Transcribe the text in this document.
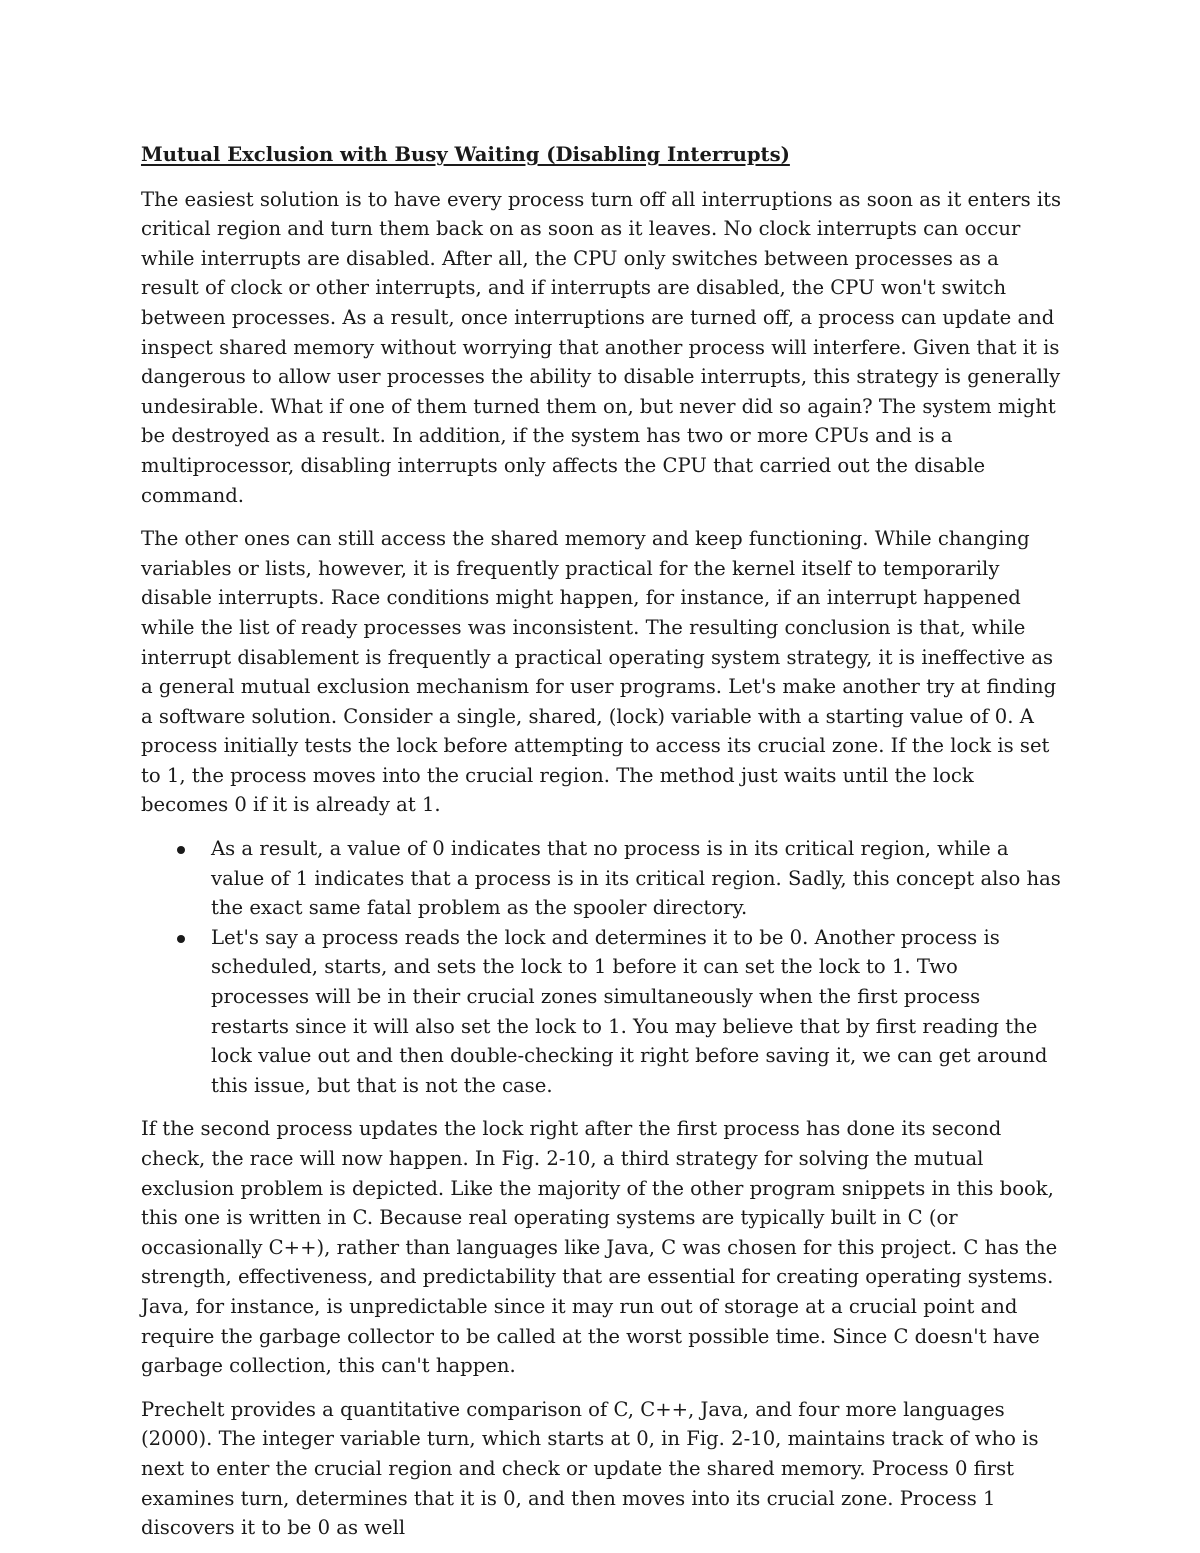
Mutual Exclusion with Busy Waiting (Disabling Interrupts)

The easiest solution is to have every process turn off all interruptions as soon as it enters its critical region and turn them back on as soon as it leaves. No clock interrupts can occur while interrupts are disabled. After all, the CPU only switches between processes as a result of clock or other interrupts, and if interrupts are disabled, the CPU won't switch between processes. As a result, once interruptions are turned off, a process can update and inspect shared memory without worrying that another process will interfere. Given that it is dangerous to allow user processes the ability to disable interrupts, this strategy is generally undesirable. What if one of them turned them on, but never did so again? The system might be destroyed as a result. In addition, if the system has two or more CPUs and is a multiprocessor, disabling interrupts only affects the CPU that carried out the disable command.

The other ones can still access the shared memory and keep functioning. While changing variables or lists, however, it is frequently practical for the kernel itself to temporarily disable interrupts. Race conditions might happen, for instance, if an interrupt happened while the list of ready processes was inconsistent. The resulting conclusion is that, while interrupt disablement is frequently a practical operating system strategy, it is ineffective as a general mutual exclusion mechanism for user programs. Let's make another try at finding a software solution. Consider a single, shared, (lock) variable with a starting value of 0. A process initially tests the lock before attempting to access its crucial zone. If the lock is set to 1, the process moves into the crucial region. The method just waits until the lock becomes 0 if it is already at 1.

As a result, a value of 0 indicates that no process is in its critical region, while a value of 1 indicates that a process is in its critical region. Sadly, this concept also has the exact same fatal problem as the spooler directory.
Let's say a process reads the lock and determines it to be 0. Another process is scheduled, starts, and sets the lock to 1 before it can set the lock to 1. Two processes will be in their crucial zones simultaneously when the first process restarts since it will also set the lock to 1. You may believe that by first reading the lock value out and then double-checking it right before saving it, we can get around this issue, but that is not the case.

If the second process updates the lock right after the first process has done its second check, the race will now happen. In Fig. 2-10, a third strategy for solving the mutual exclusion problem is depicted. Like the majority of the other program snippets in this book, this one is written in C. Because real operating systems are typically built in C (or occasionally C++), rather than languages like Java, C was chosen for this project. C has the strength, effectiveness, and predictability that are essential for creating operating systems. Java, for instance, is unpredictable since it may run out of storage at a crucial point and require the garbage collector to be called at the worst possible time. Since C doesn't have garbage collection, this can't happen.

Prechelt provides a quantitative comparison of C, C++, Java, and four more languages (2000). The integer variable turn, which starts at 0, in Fig. 2-10, maintains track of who is next to enter the crucial region and check or update the shared memory. Process 0 first examines turn, determines that it is 0, and then moves into its crucial zone. Process 1 discovers it to be 0 as well
